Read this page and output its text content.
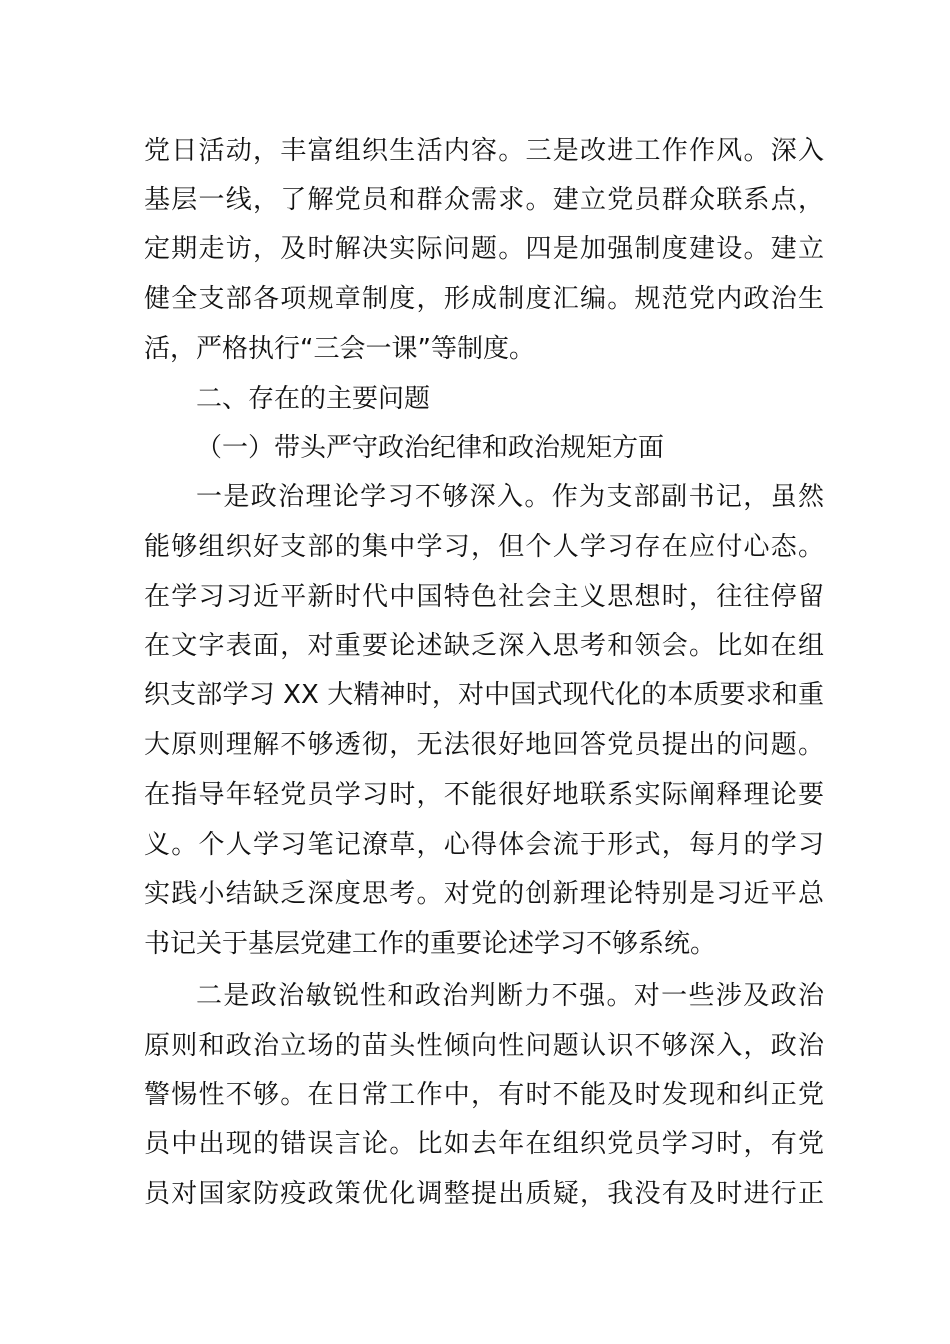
党日活动，丰富组织生活内容。三是改进工作作风。深入
基层一线，了解党员和群众需求。建立党员群众联系点，
定期走访，及时解决实际问题。四是加强制度建设。建立
健全支部各项规章制度，形成制度汇编。规范党内政治生
活，严格执行“三会一课”等制度。
二、存在的主要问题
（一）带头严守政治纪律和政治规矩方面
一是政治理论学习不够深入。作为支部副书记，虽然
能够组织好支部的集中学习，但个人学习存在应付心态。
在学习习近平新时代中国特色社会主义思想时，往往停留
在文字表面，对重要论述缺乏深入思考和领会。比如在组
织支部学习 XX 大精神时，对中国式现代化的本质要求和重
大原则理解不够透彻，无法很好地回答党员提出的问题。
在指导年轻党员学习时，不能很好地联系实际阐释理论要
义。个人学习笔记潦草，心得体会流于形式，每月的学习
实践小结缺乏深度思考。对党的创新理论特别是习近平总
书记关于基层党建工作的重要论述学习不够系统。
二是政治敏锐性和政治判断力不强。对一些涉及政治
原则和政治立场的苗头性倾向性问题认识不够深入，政治
警惕性不够。在日常工作中，有时不能及时发现和纠正党
员中出现的错误言论。比如去年在组织党员学习时，有党
员对国家防疫政策优化调整提出质疑，我没有及时进行正
